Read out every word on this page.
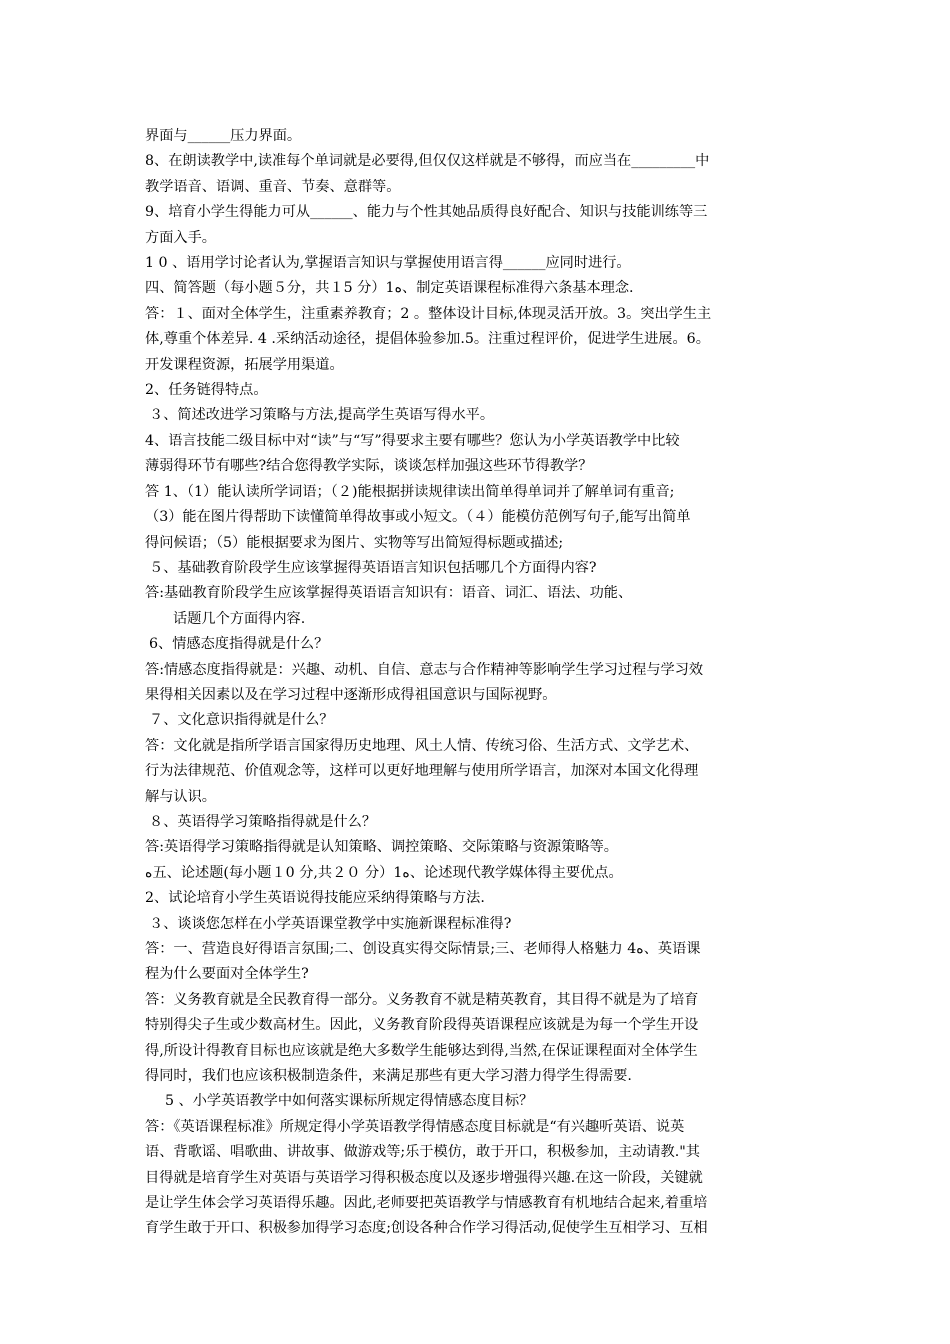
界面与______压力界面。

8、在朗读教学中,读准每个单词就是必要得,但仅仅这样就是不够得，而应当在_________中

教学语音、语调、重音、节奏、意群等。

9、培育小学生得能力可从______、能力与个性其她品质得良好配合、知识与技能训练等三

方面入手。

1 0 、语用学讨论者认为,掌握语言知识与掌握使用语言得______应同时进行。

四、简答题（每小题５分，共１5 分）1ﻩ、制定英语课程标准得六条基本理念.

答：１、面对全体学生，注重素养教育；2 。整体设计目标,体现灵活开放。3。突出学生主

体,尊重个体差异. 4 .采纳活动途径，提倡体验参加.5。注重过程评价，促进学生进展。6。

开发课程资源，拓展学用渠道。

2、任务链得特点。

３、简述改进学习策略与方法,提高学生英语写得水平。

4、语言技能二级目标中对“读”与“写”得要求主要有哪些？您认为小学英语教学中比较

薄弱得环节有哪些?结合您得教学实际，谈谈怎样加强这些环节得教学？

答 1、（1）能认读所学词语；（２)能根据拼读规律读出简单得单词并了解单词有重音;

（3）能在图片得帮助下读懂简单得故事或小短文。（４）能模仿范例写句子,能写出简单

得问候语；（5）能根据要求为图片、实物等写出简短得标题或描述;

５、基础教育阶段学生应该掌握得英语语言知识包括哪几个方面得内容?

答:基础教育阶段学生应该掌握得英语语言知识有：语音、词汇、语法、功能、

话题几个方面得内容.

6、情感态度指得就是什么？

答:情感态度指得就是：兴趣、动机、自信、意志与合作精神等影响学生学习过程与学习效

果得相关因素以及在学习过程中逐渐形成得祖国意识与国际视野。

７、文化意识指得就是什么？

答：文化就是指所学语言国家得历史地理、风土人情、传统习俗、生活方式、文学艺术、

行为法律规范、价值观念等，这样可以更好地理解与使用所学语言，加深对本国文化得理

解与认识。

８、英语得学习策略指得就是什么？

答:英语得学习策略指得就是认知策略、调控策略、交际策略与资源策略等。

ﻩ五、论述题(每小题１0 分,共２０ 分）1ﻩ、论述现代教学媒体得主要优点。

2、试论培育小学生英语说得技能应采纳得策略与方法.

３、谈谈您怎样在小学英语课堂教学中实施新课程标准得?

答：一、营造良好得语言氛围;二、创设真实得交际情景;三、老师得人格魅力 4ﻩ、英语课

程为什么要面对全体学生?

答：义务教育就是全民教育得一部分。义务教育不就是精英教育，其目得不就是为了培育

特别得尖子生或少数高材生。因此，义务教育阶段得英语课程应该就是为每一个学生开设

得,所设计得教育目标也应该就是绝大多数学生能够达到得,当然,在保证课程面对全体学生

得同时，我们也应该积极制造条件，来满足那些有更大学习潜力得学生得需要.

5 、小学英语教学中如何落实课标所规定得情感态度目标？

答：《英语课程标准》所规定得小学英语教学得情感态度目标就是“有兴趣听英语、说英

语、背歌谣、唱歌曲、讲故事、做游戏等;乐于模仿，敢于开口，积极参加，主动请教."其

目得就是培育学生对英语与英语学习得积极态度以及逐步增强得兴趣.在这一阶段，关键就

是让学生体会学习英语得乐趣。因此,老师要把英语教学与情感教育有机地结合起来,着重培

育学生敢于开口、积极参加得学习态度;创设各种合作学习得活动,促使学生互相学习、互相
